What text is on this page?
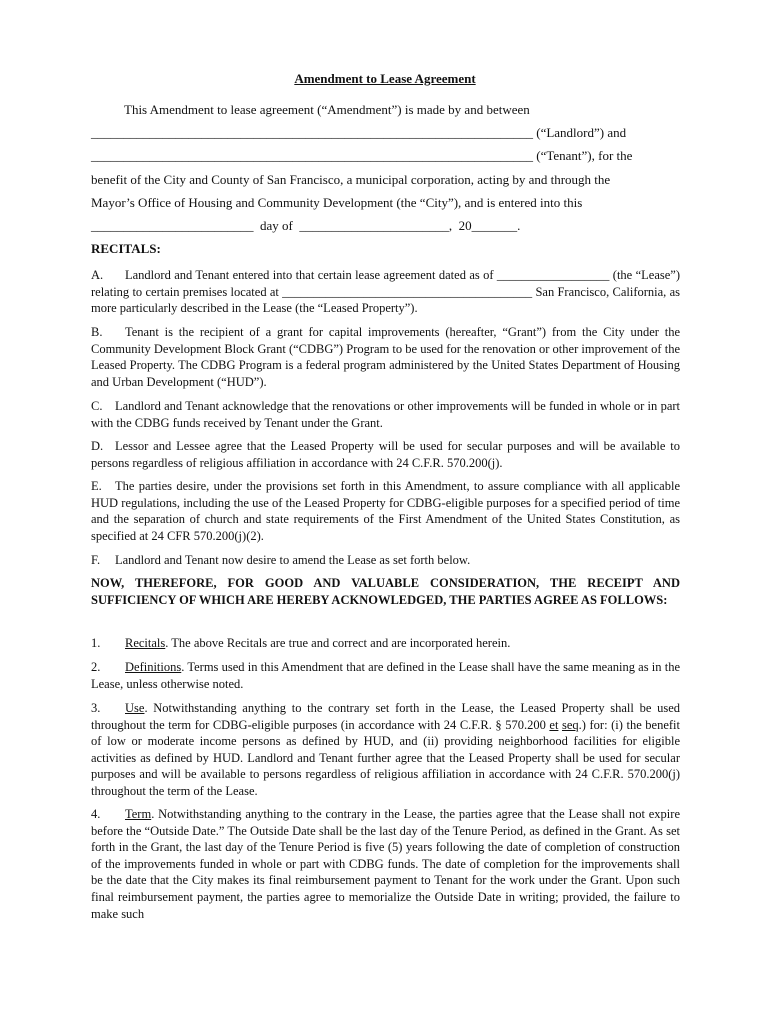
Amendment to Lease Agreement
This Amendment to lease agreement (“Amendment”) is made by and between
____________________________________________________________________ (“Landlord”) and
____________________________________________________________________ (“Tenant”), for the
benefit of the City and County of San Francisco, a municipal corporation, acting by and through the
Mayor’s Office of Housing and Community Development (the “City”), and is entered into this
_________________________  day of  _______________________,  20_______.
RECITALS:
A. Landlord and Tenant entered into that certain lease agreement dated as of __________________ (the “Lease”) relating to certain premises located at ________________________________________ San Francisco, California, as more particularly described in the Lease (the “Leased Property”).
B. Tenant is the recipient of a grant for capital improvements (hereafter, “Grant”) from the City under the Community Development Block Grant (“CDBG”) Program to be used for the renovation or other improvement of the Leased Property. The CDBG Program is a federal program administered by the United States Department of Housing and Urban Development (“HUD”).
C. Landlord and Tenant acknowledge that the renovations or other improvements will be funded in whole or in part with the CDBG funds received by Tenant under the Grant.
D. Lessor and Lessee agree that the Leased Property will be used for secular purposes and will be available to persons regardless of religious affiliation in accordance with 24 C.F.R. 570.200(j).
E. The parties desire, under the provisions set forth in this Amendment, to assure compliance with all applicable HUD regulations, including the use of the Leased Property for CDBG-eligible purposes for a specified period of time and the separation of church and state requirements of the First Amendment of the United States Constitution, as specified at 24 CFR 570.200(j)(2).
F. Landlord and Tenant now desire to amend the Lease as set forth below.
NOW, THEREFORE, FOR GOOD AND VALUABLE CONSIDERATION, THE RECEIPT AND SUFFICIENCY OF WHICH ARE HEREBY ACKNOWLEDGED, THE PARTIES AGREE AS FOLLOWS:
1. Recitals. The above Recitals are true and correct and are incorporated herein.
2. Definitions. Terms used in this Amendment that are defined in the Lease shall have the same meaning as in the Lease, unless otherwise noted.
3. Use. Notwithstanding anything to the contrary set forth in the Lease, the Leased Property shall be used throughout the term for CDBG-eligible purposes (in accordance with 24 C.F.R. § 570.200 et seq.) for: (i) the benefit of low or moderate income persons as defined by HUD, and (ii) providing neighborhood facilities for eligible activities as defined by HUD. Landlord and Tenant further agree that the Leased Property shall be used for secular purposes and will be available to persons regardless of religious affiliation in accordance with 24 C.F.R. 570.200(j) throughout the term of the Lease.
4. Term. Notwithstanding anything to the contrary in the Lease, the parties agree that the Lease shall not expire before the “Outside Date.” The Outside Date shall be the last day of the Tenure Period, as defined in the Grant. As set forth in the Grant, the last day of the Tenure Period is five (5) years following the date of completion of construction of the improvements funded in whole or part with CDBG funds. The date of completion for the improvements shall be the date that the City makes its final reimbursement payment to Tenant for the work under the Grant. Upon such final reimbursement payment, the parties agree to memorialize the Outside Date in writing; provided, the failure to make such
